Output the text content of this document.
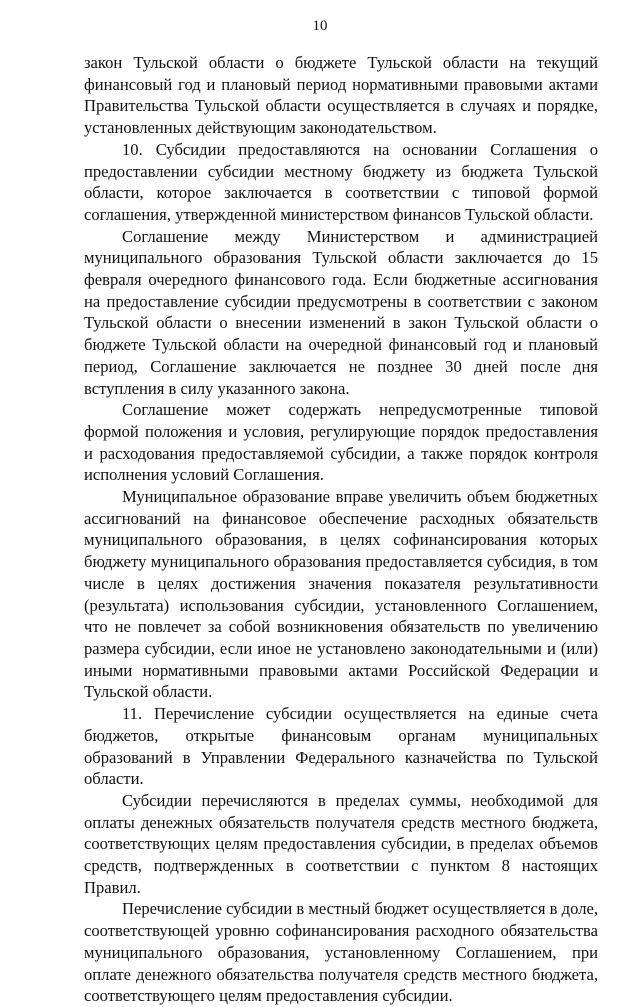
10

закон Тульской области о бюджете Тульской области на текущий финансовый год и плановый период нормативными правовыми актами Правительства Тульской области осуществляется в случаях и порядке, установленных действующим законодательством.

10. Субсидии предоставляются на основании Соглашения о предоставлении субсидии местному бюджету из бюджета Тульской области, которое заключается в соответствии с типовой формой соглашения, утвержденной министерством финансов Тульской области.

Соглашение между Министерством и администрацией муниципального образования Тульской области заключается до 15 февраля очередного финансового года. Если бюджетные ассигнования на предоставление субсидии предусмотрены в соответствии с законом Тульской области о внесении изменений в закон Тульской области о бюджете Тульской области на очередной финансовый год и плановый период, Соглашение заключается не позднее 30 дней после дня вступления в силу указанного закона.

Соглашение может содержать непредусмотренные типовой формой положения и условия, регулирующие порядок предоставления и расходования предоставляемой субсидии, а также порядок контроля исполнения условий Соглашения.

Муниципальное образование вправе увеличить объем бюджетных ассигнований на финансовое обеспечение расходных обязательств муниципального образования, в целях софинансирования которых бюджету муниципального образования предоставляется субсидия, в том числе в целях достижения значения показателя результативности (результата) использования субсидии, установленного Соглашением, что не повлечет за собой возникновения обязательств по увеличению размера субсидии, если иное не установлено законодательными и (или) иными нормативными правовыми актами Российской Федерации и Тульской области.

11. Перечисление субсидии осуществляется на единые счета бюджетов, открытые финансовым органам муниципальных образований в Управлении Федерального казначейства по Тульской области.

Субсидии перечисляются в пределах суммы, необходимой для оплаты денежных обязательств получателя средств местного бюджета, соответствующих целям предоставления субсидии, в пределах объемов средств, подтвержденных в соответствии с пунктом 8 настоящих Правил.

Перечисление субсидии в местный бюджет осуществляется в доле, соответствующей уровню софинансирования расходного обязательства муниципального образования, установленному Соглашением, при оплате денежного обязательства получателя средств местного бюджета, соответствующего целям предоставления субсидии.
